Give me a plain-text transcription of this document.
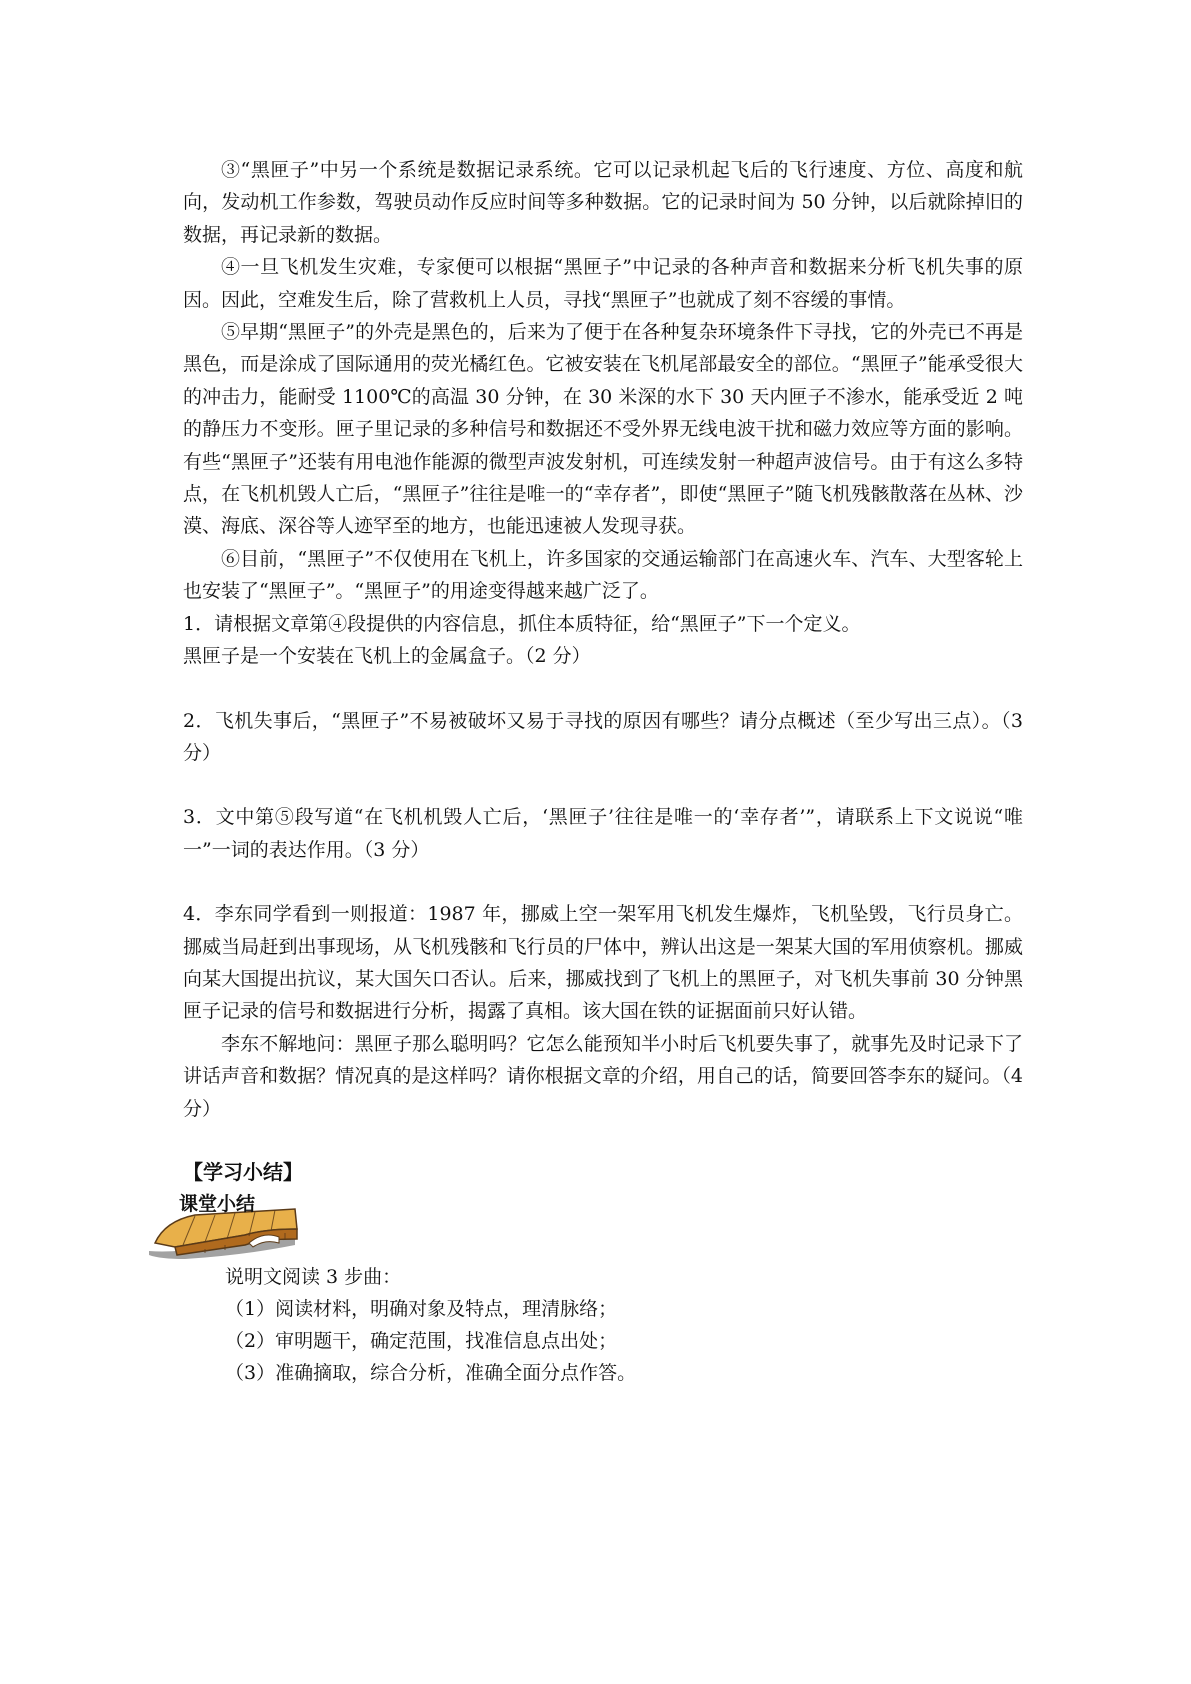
③“黑匣子”中另一个系统是数据记录系统。它可以记录机起飞后的飞行速度、方位、高度和航向，发动机工作参数，驾驶员动作反应时间等多种数据。它的记录时间为 50 分钟，以后就除掉旧的数据，再记录新的数据。

④一旦飞机发生灾难，专家便可以根据“黑匣子”中记录的各种声音和数据来分析飞机失事的原因。因此，空难发生后，除了营救机上人员，寻找“黑匣子”也就成了刻不容缓的事情。

⑤早期“黑匣子”的外壳是黑色的，后来为了便于在各种复杂环境条件下寻找，它的外壳已不再是黑色，而是涂成了国际通用的荧光橘红色。它被安装在飞机尾部最安全的部位。“黑匣子”能承受很大的冲击力，能耐受 1100℃的高温 30 分钟，在 30 米深的水下 30 天内匣子不渗水，能承受近 2 吨的静压力不变形。匣子里记录的多种信号和数据还不受外界无线电波干扰和磁力效应等方面的影响。有些“黑匣子”还装有用电池作能源的微型声波发射机，可连续发射一种超声波信号。由于有这么多特点，在飞机机毁人亡后，“黑匣子”往往是唯一的“幸存者”，即使“黑匣子”随飞机残骸散落在丛林、沙漠、海底、深谷等人迹罕至的地方，也能迅速被人发现寻获。

⑥目前，“黑匣子”不仅使用在飞机上，许多国家的交通运输部门在高速火车、汽车、大型客轮上也安装了“黑匣子”。“黑匣子”的用途变得越来越广泛了。

1．请根据文章第④段提供的内容信息，抓住本质特征，给“黑匣子”下一个定义。

黑匣子是一个安装在飞机上的金属盒子。（2 分）

2．飞机失事后，“黑匣子”不易被破坏又易于寻找的原因有哪些？请分点概述（至少写出三点）。（3 分）

3．文中第⑤段写道“在飞机机毁人亡后，‘黑匣子’往往是唯一的‘幸存者’”，请联系上下文说说“唯一”一词的表达作用。（3 分）

4．李东同学看到一则报道：1987 年，挪威上空一架军用飞机发生爆炸，飞机坠毁，飞行员身亡。挪威当局赶到出事现场，从飞机残骸和飞行员的尸体中，辨认出这是一架某大国的军用侦察机。挪威向某大国提出抗议，某大国矢口否认。后来，挪威找到了飞机上的黑匣子，对飞机失事前 30 分钟黑匣子记录的信号和数据进行分析，揭露了真相。该大国在铁的证据面前只好认错。

李东不解地问：黑匣子那么聪明吗？它怎么能预知半小时后飞机要失事了，就事先及时记录下了讲话声音和数据？情况真的是这样吗？请你根据文章的介绍，用自己的话，简要回答李东的疑问。（4 分）

【学习小结】
课堂小结

说明文阅读 3 步曲：

（1）阅读材料，明确对象及特点，理清脉络；

（2）审明题干，确定范围，找准信息点出处；

（3）准确摘取，综合分析，准确全面分点作答。
